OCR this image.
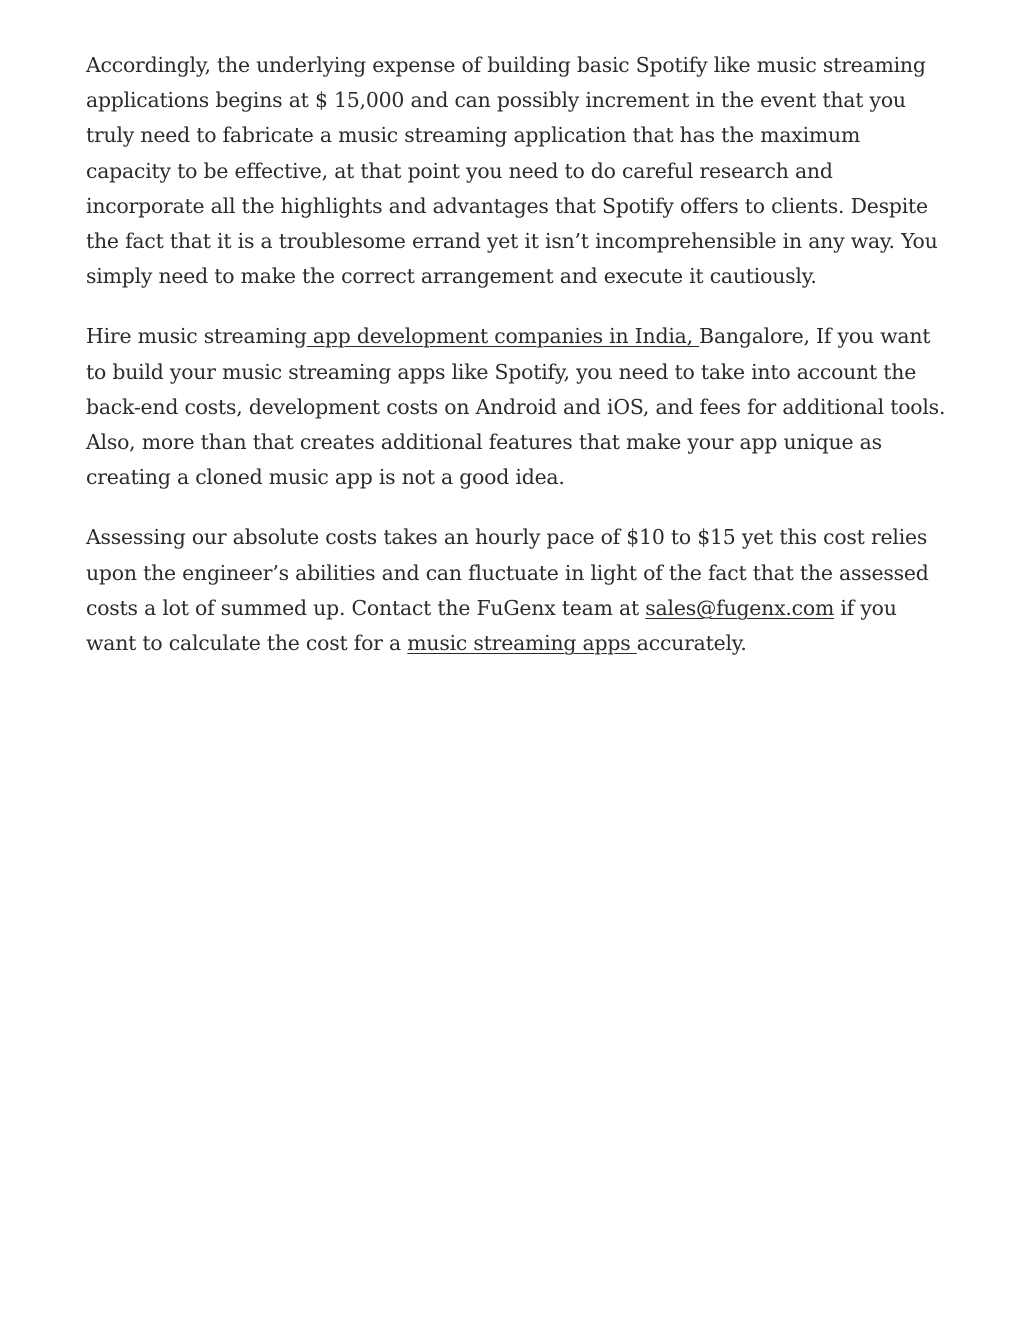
Accordingly, the underlying expense of building basic Spotify like music streaming applications begins at $ 15,000 and can possibly increment in the event that you truly need to fabricate a music streaming application that has the maximum capacity to be effective, at that point you need to do careful research and incorporate all the highlights and advantages that Spotify offers to clients. Despite the fact that it is a troublesome errand yet it isn’t incomprehensible in any way. You simply need to make the correct arrangement and execute it cautiously.

Hire music streaming app development companies in India, Bangalore, If you want to build your music streaming apps like Spotify, you need to take into account the back-end costs, development costs on Android and iOS, and fees for additional tools. Also, more than that creates additional features that make your app unique as creating a cloned music app is not a good idea.

Assessing our absolute costs takes an hourly pace of $10 to $15 yet this cost relies upon the engineer’s abilities and can fluctuate in light of the fact that the assessed costs a lot of summed up. Contact the FuGenx team at sales@fugenx.com if you want to calculate the cost for a music streaming apps accurately.
